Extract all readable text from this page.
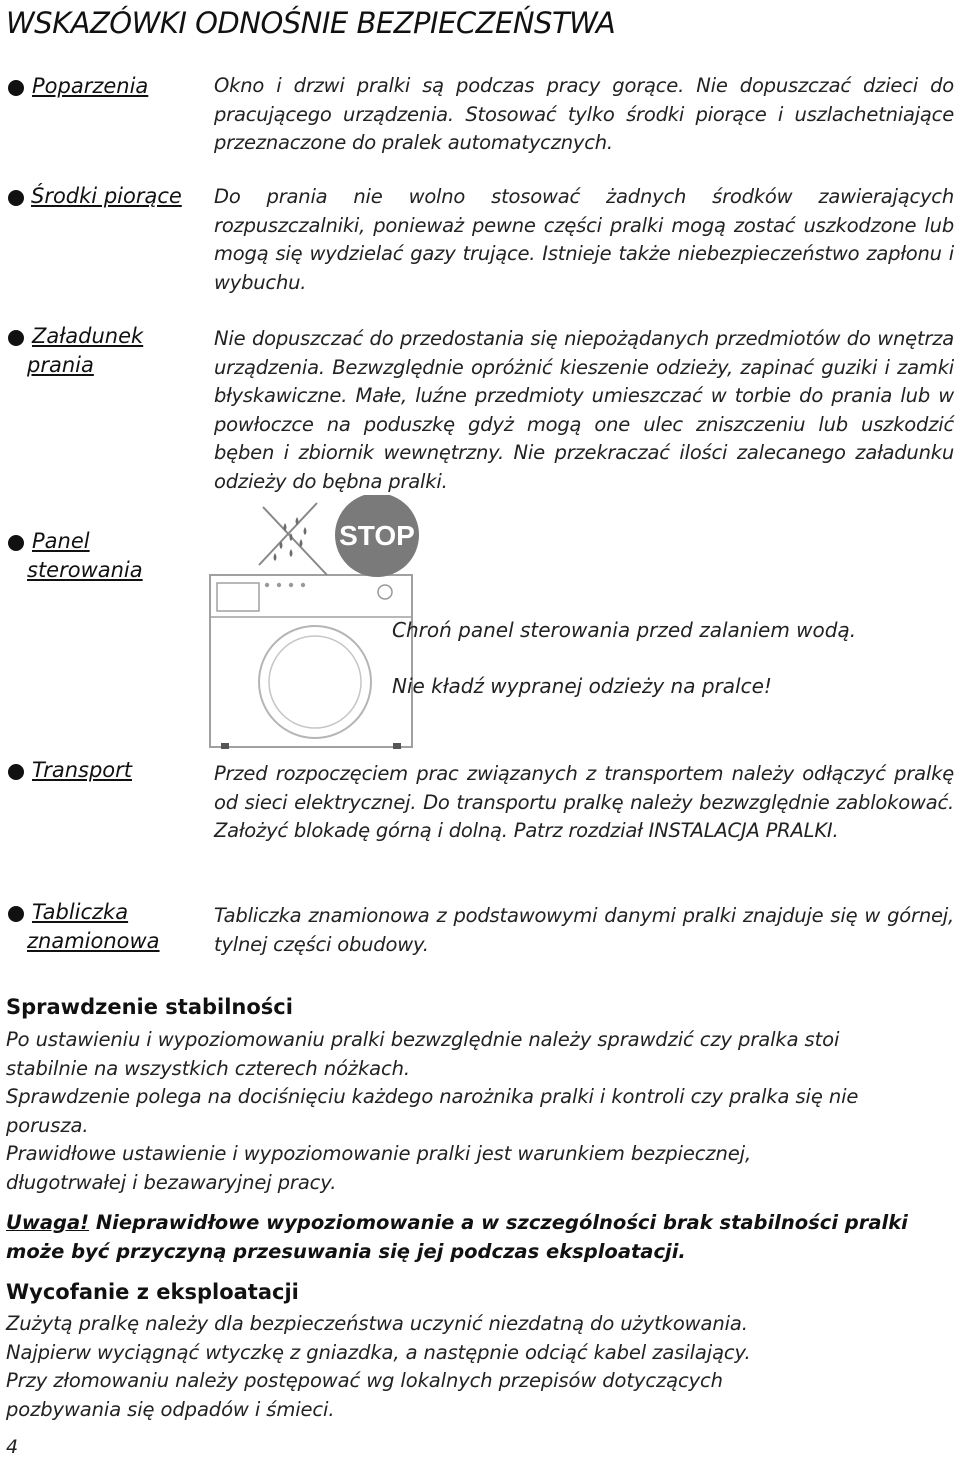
WSKAZÓWKI ODNOŚNIE BEZPIECZEŃSTWA
Poparzenia	Okno i drzwi pralki są podczas pracy gorące. Nie dopuszczać dzieci do pracującego urządzenia. Stosować tylko środki piorące i uszlachetniające przeznaczone do pralek automatycznych.
Środki piorące Do prania nie wolno stosować żadnych środków zawierających rozpuszczalniki, ponieważ pewne części pralki mogą zostać uszkodzone lub mogą się wydzielać gazy trujące. Istnieje także niebezpieczeństwo zapłonu i wybuchu.
Załadunek
prania
Nie dopuszczać do przedostania się niepożądanych przedmiotów do wnętrza urządzenia. Bezwzględnie opróżnić kieszenie odzieży, zapinać guziki i zamki błyskawiczne. Małe, luźne przedmioty umieszczać w torbie do prania lub w powłoczce na poduszkę gdyż mogą one ulec zniszczeniu lub uszkodzić bęben i zbiornik wewnętrzny. Nie przekraczać ilości zalecanego załadunku odzieży do bębna pralki.
Panel
sterowania
STOP
Chroń panel sterowania przed zalaniem wodą.
Nie kładź wypranej odzieży na pralce!
Transport	Przed rozpoczęciem prac związanych z transportem należy odłączyć pralkę od sieci elektrycznej. Do transportu pralkę należy bezwzględnie zablokować. Założyć blokadę górną i dolną. Patrz rozdział INSTALACJA PRALKI.
Tabliczka
znamionowa
Tabliczka znamionowa z podstawowymi danymi pralki znajduje się w górnej, tylnej części obudowy.
Sprawdzenie stabilności
Po ustawieniu i wypoziomowaniu pralki bezwzględnie należy sprawdzić czy pralka stoi
stabilnie na wszystkich czterech nóżkach.
Sprawdzenie polega na dociśnięciu każdego narożnika pralki i kontroli czy pralka się nie
porusza.
Prawidłowe ustawienie i wypoziomowanie pralki jest warunkiem bezpiecznej,
długotrwałej i bezawaryjnej pracy.
Uwaga! Nieprawidłowe wypoziomowanie a w szczególności brak stabilności pralki
może być przyczyną przesuwania się jej podczas eksploatacji.
Wycofanie z eksploatacji
Zużytą pralkę należy dla bezpieczeństwa uczynić niezdatną do użytkowania.
Najpierw wyciągnąć wtyczkę z gniazdka, a następnie odciąć kabel zasilający.
Przy złomowaniu należy postępować wg lokalnych przepisów dotyczących
pozbywania się odpadów i śmieci.
4
